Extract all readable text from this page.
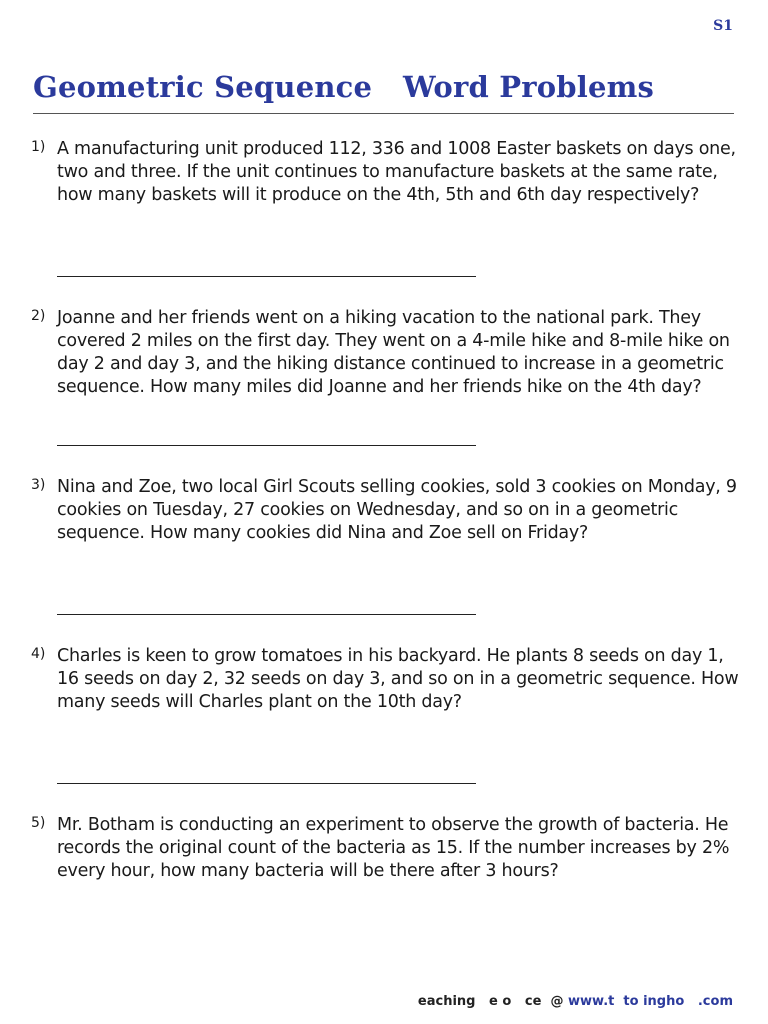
S1
Geometric Sequence   Word Problems
1) A manufacturing unit produced 112, 336 and 1008 Easter baskets on days one, two and three. If the unit continues to manufacture baskets at the same rate, how many baskets will it produce on the 4th, 5th and 6th day respectively?
2) Joanne and her friends went on a hiking vacation to the national park. They covered 2 miles on the first day. They went on a 4-mile hike and 8-mile hike on day 2 and day 3, and the hiking distance continued to increase in a geometric sequence. How many miles did Joanne and her friends hike on the 4th day?
3) Nina and Zoe, two local Girl Scouts selling cookies, sold 3 cookies on Monday, 9 cookies on Tuesday, 27 cookies on Wednesday, and so on in a geometric sequence. How many cookies did Nina and Zoe sell on Friday?
4) Charles is keen to grow tomatoes in his backyard. He plants 8 seeds on day 1, 16 seeds on day 2, 32 seeds on day 3, and so on in a geometric sequence. How many seeds will Charles plant on the 10th day?
5) Mr. Botham is conducting an experiment to observe the growth of bacteria. He records the original count of the bacteria as 15. If the number increases by 2% every hour, how many bacteria will be there after 3 hours?
eaching   e o   ce  @ www.t  to ingho   .com
